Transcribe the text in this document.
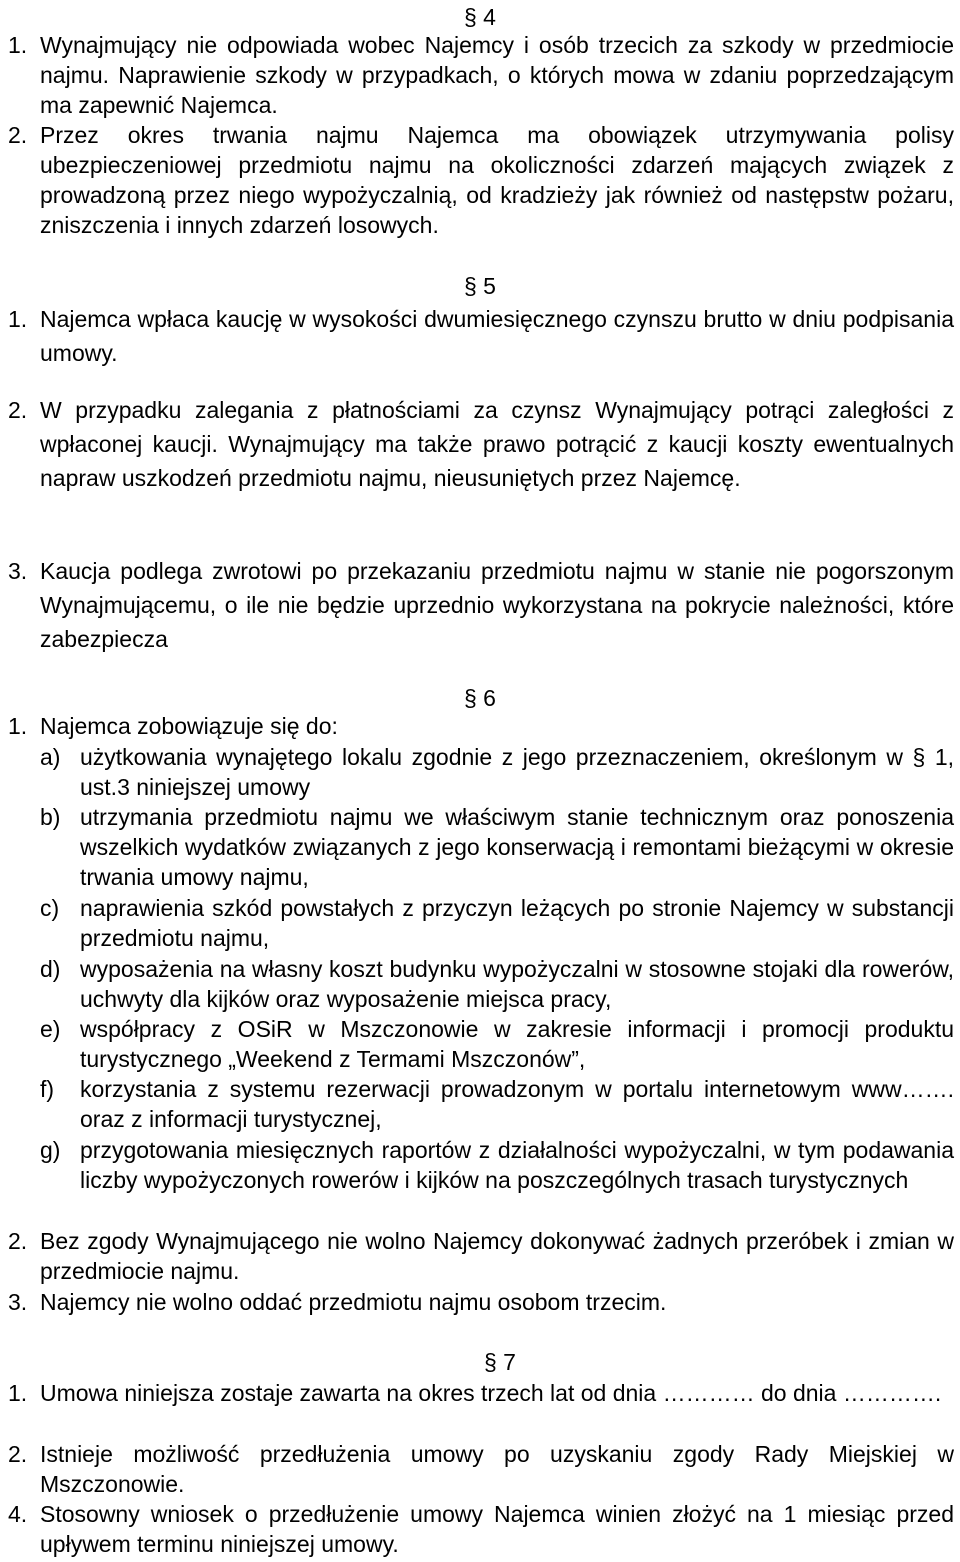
§ 4
1. Wynajmujący nie odpowiada wobec Najemcy i osób trzecich za szkody w przedmiocie najmu. Naprawienie szkody w przypadkach, o których mowa w zdaniu poprzedzającym ma zapewnić Najemca.
2. Przez okres trwania najmu Najemca ma obowiązek utrzymywania polisy ubezpieczeniowej przedmiotu najmu na okoliczności zdarzeń mających związek z prowadzoną przez niego wypożyczalnią, od kradzieży jak również od następstw pożaru, zniszczenia i innych zdarzeń losowych.
§ 5
1. Najemca wpłaca kaucję w wysokości dwumiesięcznego czynszu brutto w dniu podpisania umowy.
2. W przypadku zalegania z płatnościami za czynsz Wynajmujący potrąci zaległości z wpłaconej kaucji. Wynajmujący ma także prawo potrącić z kaucji koszty ewentualnych napraw uszkodzeń przedmiotu najmu, nieusuniętych przez Najemcę.
3. Kaucja podlega zwrotowi po przekazaniu przedmiotu najmu w stanie nie pogorszonym Wynajmującemu, o ile nie będzie uprzednio wykorzystana na pokrycie należności, które zabezpiecza
§ 6
1. Najemca zobowiązuje się do:
a) użytkowania wynajętego lokalu zgodnie z jego przeznaczeniem, określonym w § 1, ust.3 niniejszej umowy
b) utrzymania przedmiotu najmu we właściwym stanie technicznym oraz ponoszenia wszelkich wydatków związanych z jego konserwacją i remontami bieżącymi w okresie trwania umowy najmu,
c) naprawienia szkód powstałych z przyczyn leżących po stronie Najemcy w substancji przedmiotu najmu,
d) wyposażenia na własny koszt budynku wypożyczalni w stosowne stojaki dla rowerów, uchwyty dla kijków oraz wyposażenie miejsca pracy,
e) współpracy z OSiR w Mszczonowie w zakresie informacji i promocji produktu turystycznego „Weekend z Termami Mszczonów”,
f) korzystania z systemu rezerwacji prowadzonym w portalu internetowym www……. oraz z informacji turystycznej,
g) przygotowania miesięcznych raportów z działalności wypożyczalni, w tym podawania liczby wypożyczonych rowerów i kijków na poszczególnych trasach turystycznych
2. Bez zgody Wynajmującego nie wolno Najemcy dokonywać żadnych przeróbek i zmian w przedmiocie najmu.
3. Najemcy nie wolno oddać przedmiotu najmu osobom trzecim.
§ 7
1. Umowa niniejsza zostaje zawarta na okres trzech lat od dnia ………… do dnia ………….
2. Istnieje możliwość przedłużenia umowy po uzyskaniu zgody Rady Miejskiej w Mszczonowie.
4. Stosowny wniosek o przedłużenie umowy Najemca winien złożyć na 1 miesiąc przed upływem terminu niniejszej umowy.
